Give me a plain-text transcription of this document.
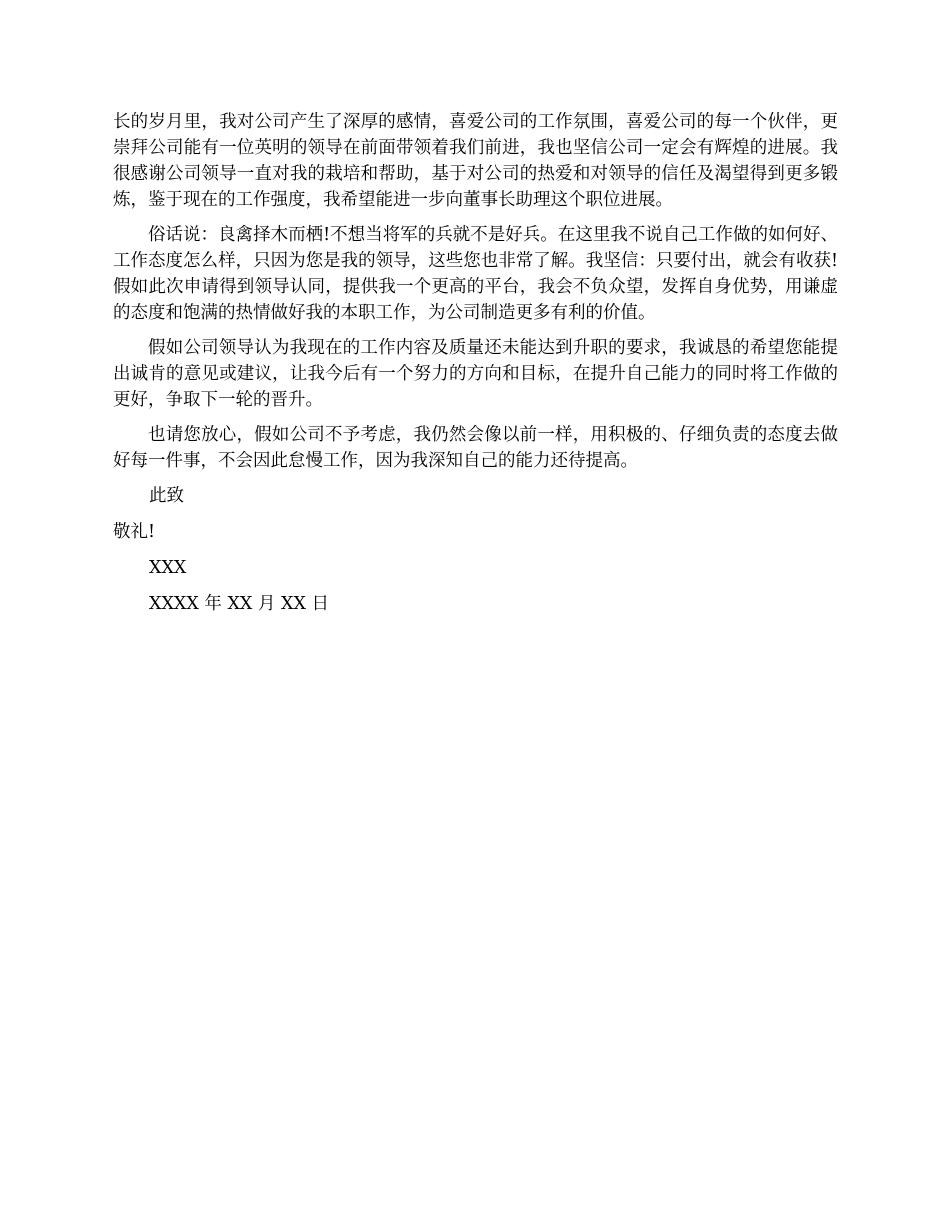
长的岁月里，我对公司产生了深厚的感情，喜爱公司的工作氛围，喜爱公司的每一个伙伴，更崇拜公司能有一位英明的领导在前面带领着我们前进，我也坚信公司一定会有辉煌的进展。我很感谢公司领导一直对我的栽培和帮助，基于对公司的热爱和对领导的信任及渴望得到更多锻炼，鉴于现在的工作强度，我希望能进一步向董事长助理这个职位进展。

俗话说：良禽择木而栖!不想当将军的兵就不是好兵。在这里我不说自己工作做的如何好、工作态度怎么样，只因为您是我的领导，这些您也非常了解。我坚信：只要付出，就会有收获!假如此次申请得到领导认同，提供我一个更高的平台，我会不负众望，发挥自身优势，用谦虚的态度和饱满的热情做好我的本职工作，为公司制造更多有利的价值。

假如公司领导认为我现在的工作内容及质量还未能达到升职的要求，我诚恳的希望您能提出诚肯的意见或建议，让我今后有一个努力的方向和目标，在提升自己能力的同时将工作做的更好，争取下一轮的晋升。

也请您放心，假如公司不予考虑，我仍然会像以前一样，用积极的、仔细负责的态度去做好每一件事，不会因此怠慢工作，因为我深知自己的能力还待提高。

此致

敬礼!

XXX

XXXX 年 XX 月 XX 日
